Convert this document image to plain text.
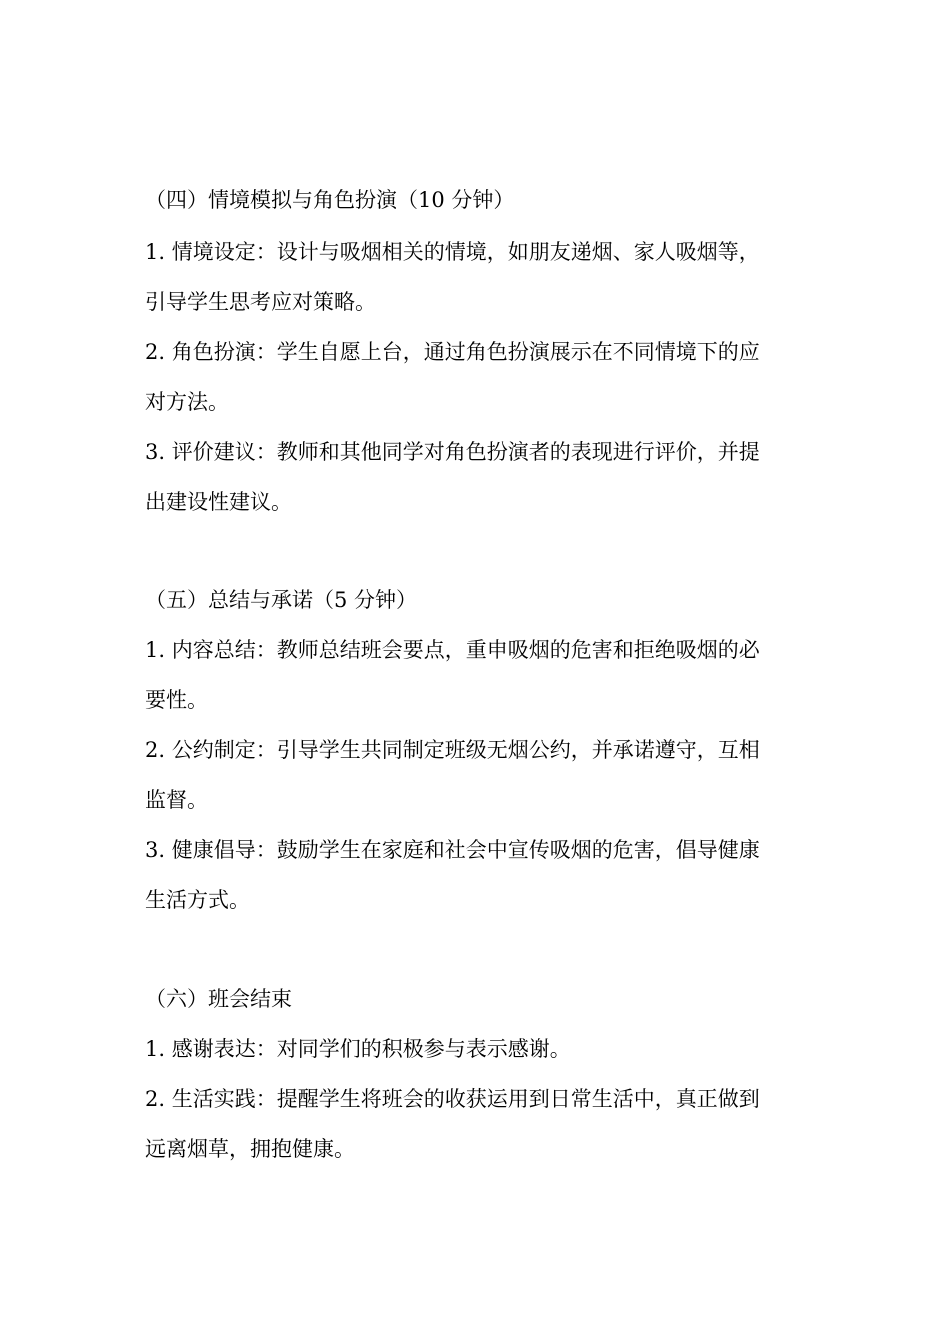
（四）情境模拟与角色扮演（10 分钟）
1. 情境设定：设计与吸烟相关的情境，如朋友递烟、家人吸烟等，
引导学生思考应对策略。
2. 角色扮演：学生自愿上台，通过角色扮演展示在不同情境下的应
对方法。
3. 评价建议：教师和其他同学对角色扮演者的表现进行评价，并提
出建设性建议。
（五）总结与承诺（5 分钟）
1. 内容总结：教师总结班会要点，重申吸烟的危害和拒绝吸烟的必
要性。
2. 公约制定：引导学生共同制定班级无烟公约，并承诺遵守，互相
监督。
3. 健康倡导：鼓励学生在家庭和社会中宣传吸烟的危害，倡导健康
生活方式。
（六）班会结束
1. 感谢表达：对同学们的积极参与表示感谢。
2. 生活实践：提醒学生将班会的收获运用到日常生活中，真正做到
远离烟草，拥抱健康。
